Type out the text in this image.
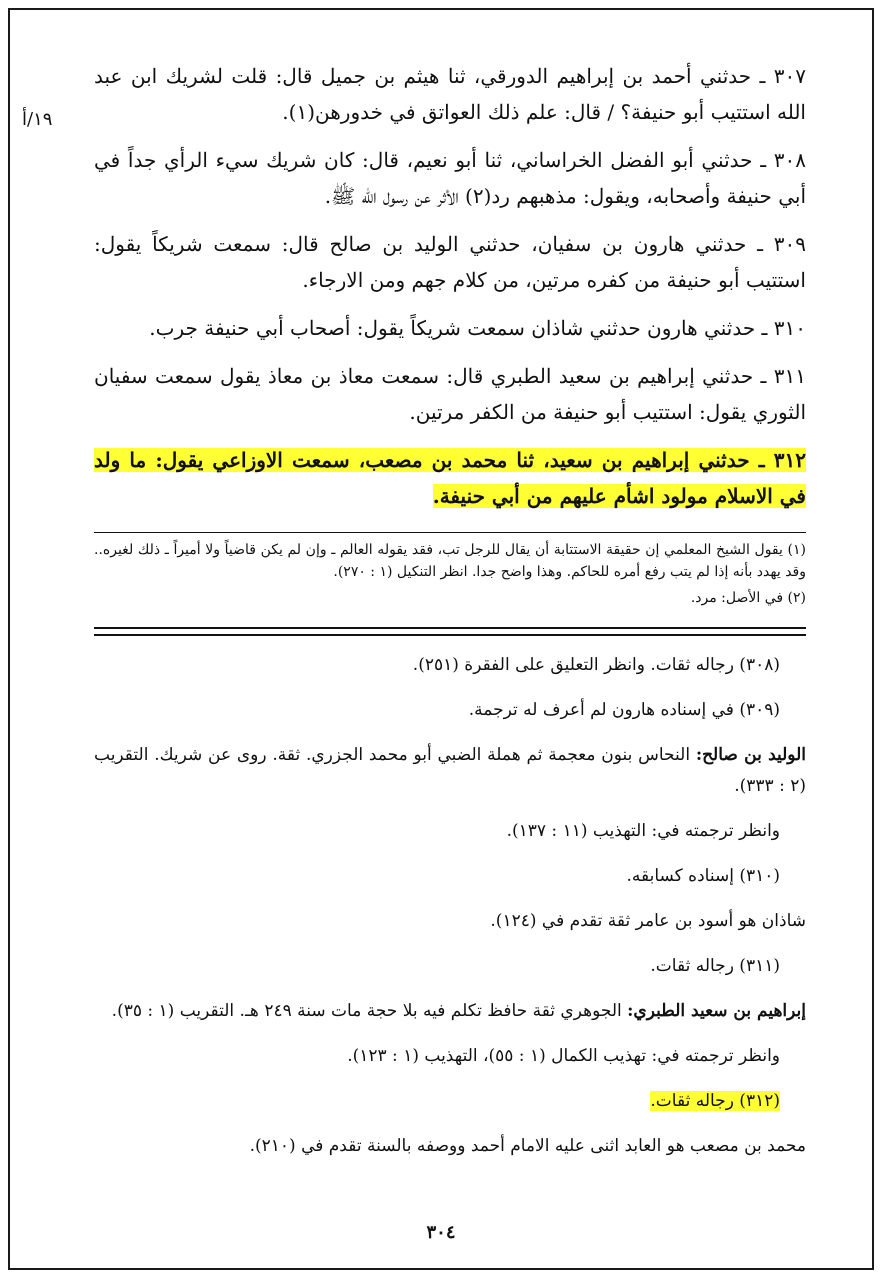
٣٠٧ ـ حدثني أحمد بن إبراهيم الدورقي، ثنا هيثم بن جميل قال: قلت لشريك ابن عبد الله استتيب أبو حنيفة؟ / قال: علم ذلك العواتق في خدورهن(١).
١٩/أ

٣٠٨ ـ حدثني أبو الفضل الخراساني، ثنا أبو نعيم، قال: كان شريك سيء الرأي جداً في أبي حنيفة وأصحابه، ويقول: مذهبهم رد(٢) الأثر عن رسول الله ﷺ.

٣٠٩ ـ حدثني هارون بن سفيان، حدثني الوليد بن صالح قال: سمعت شريكاً يقول: استتيب أبو حنيفة من كفره مرتين، من كلام جهم ومن الارجاء.

٣١٠ ـ حدثني هارون حدثني شاذان سمعت شريكاً يقول: أصحاب أبي حنيفة جرب.

٣١١ ـ حدثني إبراهيم بن سعيد الطبري قال: سمعت معاذ بن معاذ يقول سمعت سفيان الثوري يقول: استتيب أبو حنيفة من الكفر مرتين.

٣١٢ ـ حدثني إبراهيم بن سعيد، ثنا محمد بن مصعب، سمعت الاوزاعي يقول: ما ولد في الاسلام مولود اشأم عليهم من أبي حنيفة.

(١) يقول الشيخ المعلمي إن حقيقة الاستتابة أن يقال للرجل تب، فقد يقوله العالم ـ وإن لم يكن قاضياً ولا أميراً ـ ذلك لغيره.. وقد يهدد بأنه إذا لم يتب رفع أمره للحاكم. وهذا واضح جدا. انظر التنكيل (١ : ٢٧٠).

(٢) في الأصل: مرد.

(٣٠٨) رجاله ثقات. وانظر التعليق على الفقرة (٢٥١).

(٣٠٩) في إسناده هارون لم أعرف له ترجمة.

الوليد بن صالح: النحاس بنون معجمة ثم هملة الضبي أبو محمد الجزري. ثقة. روى عن شريك. التقريب (٢ : ٣٣٣).

وانظر ترجمته في: التهذيب (١١ : ١٣٧).

(٣١٠) إسناده كسابقه.

شاذان هو أسود بن عامر ثقة تقدم في (١٢٤).

(٣١١) رجاله ثقات.

إبراهيم بن سعيد الطبري: الجوهري ثقة حافظ تكلم فيه بلا حجة مات سنة ٢٤٩ هـ. التقريب (١ : ٣٥).

وانظر ترجمته في: تهذيب الكمال (١ : ٥٥)، التهذيب (١ : ١٢٣).

(٣١٢) رجاله ثقات.

محمد بن مصعب هو العابد اثنى عليه الامام أحمد ووصفه بالسنة تقدم في (٢١٠).

٣٠٤
